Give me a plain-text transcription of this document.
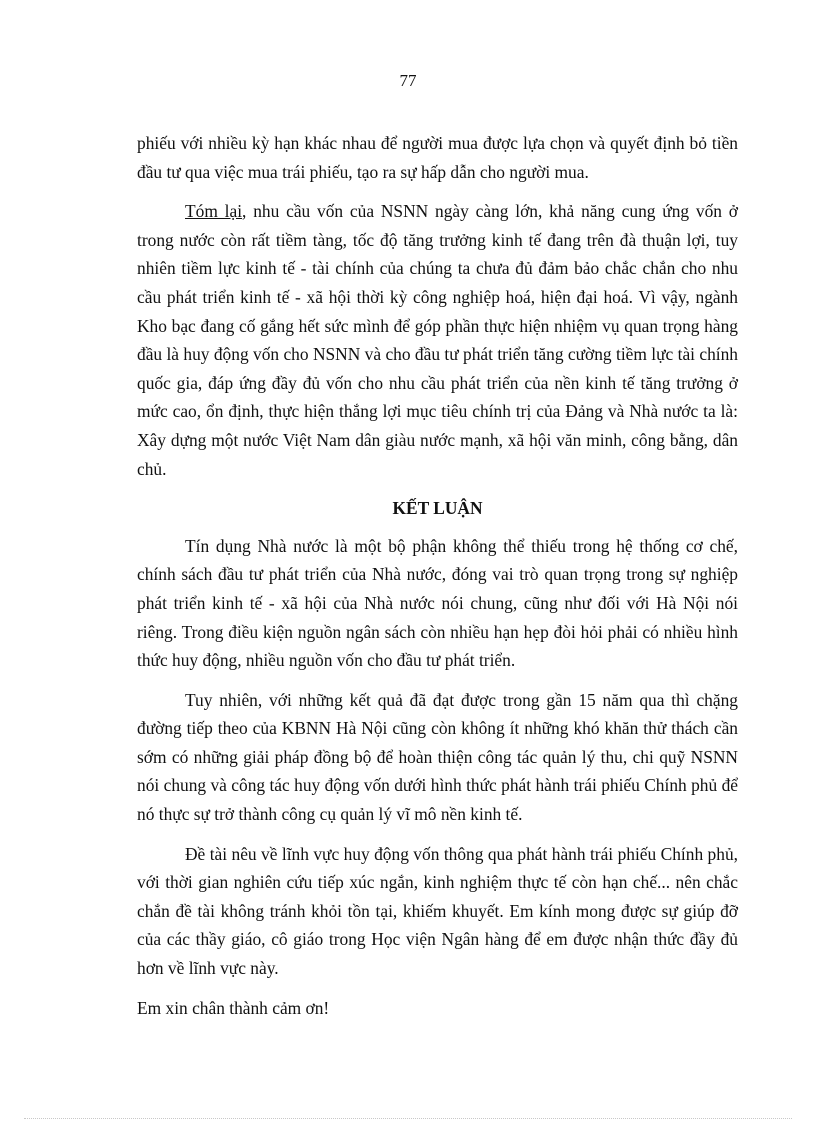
77

phiếu với nhiều kỳ hạn khác nhau để người mua được lựa chọn và quyết định bỏ tiền đầu tư qua việc mua trái phiếu, tạo ra sự hấp dẫn cho người mua.

Tóm lại, nhu cầu vốn của NSNN ngày càng lớn, khả năng cung ứng vốn ở trong nước còn rất tiềm tàng, tốc độ tăng trưởng kinh tế đang trên đà thuận lợi, tuy nhiên tiềm lực kinh tế - tài chính của chúng ta chưa đủ đảm bảo chắc chắn cho nhu cầu phát triển kinh tế - xã hội thời kỳ công nghiệp hoá, hiện đại hoá. Vì vậy, ngành Kho bạc đang cố gắng hết sức mình để góp phần thực hiện nhiệm vụ quan trọng hàng đầu là huy động vốn cho NSNN và cho đầu tư phát triển tăng cường tiềm lực tài chính quốc gia, đáp ứng đầy đủ vốn cho nhu cầu phát triển của nền kinh tế tăng trưởng ở mức cao, ổn định, thực hiện thắng lợi mục tiêu chính trị của Đảng và Nhà nước ta là: Xây dựng một nước Việt Nam dân giàu nước mạnh, xã hội văn minh, công bằng, dân chủ.

KẾT LUẬN

Tín dụng Nhà nước là một bộ phận không thể thiếu trong hệ thống cơ chế, chính sách đầu tư phát triển của Nhà nước, đóng vai trò quan trọng trong sự nghiệp phát triển kinh tế - xã hội của Nhà nước nói chung, cũng như đối với Hà Nội nói riêng. Trong điều kiện nguồn ngân sách còn nhiều hạn hẹp đòi hỏi phải có nhiều hình thức huy động, nhiều nguồn vốn cho đầu tư phát triển.

Tuy nhiên, với những kết quả đã đạt được trong gần 15 năm qua thì chặng đường tiếp theo của KBNN Hà Nội cũng còn không ít những khó khăn thử thách cần sớm có những giải pháp đồng bộ để hoàn thiện công tác quản lý thu, chi quỹ NSNN nói chung và công tác huy động vốn dưới hình thức phát hành trái phiếu Chính phủ để nó thực sự trở thành công cụ quản lý vĩ mô nền kinh tế.

Đề tài nêu về lĩnh vực huy động vốn thông qua phát hành trái phiếu Chính phủ, với thời gian nghiên cứu tiếp xúc ngắn, kinh nghiệm thực tế còn hạn chế... nên chắc chắn đề tài không tránh khỏi tồn tại, khiếm khuyết. Em kính mong được sự giúp đỡ của các thầy giáo, cô giáo trong Học viện Ngân hàng để em được nhận thức đầy đủ hơn về lĩnh vực này.

Em xin chân thành cảm ơn!
